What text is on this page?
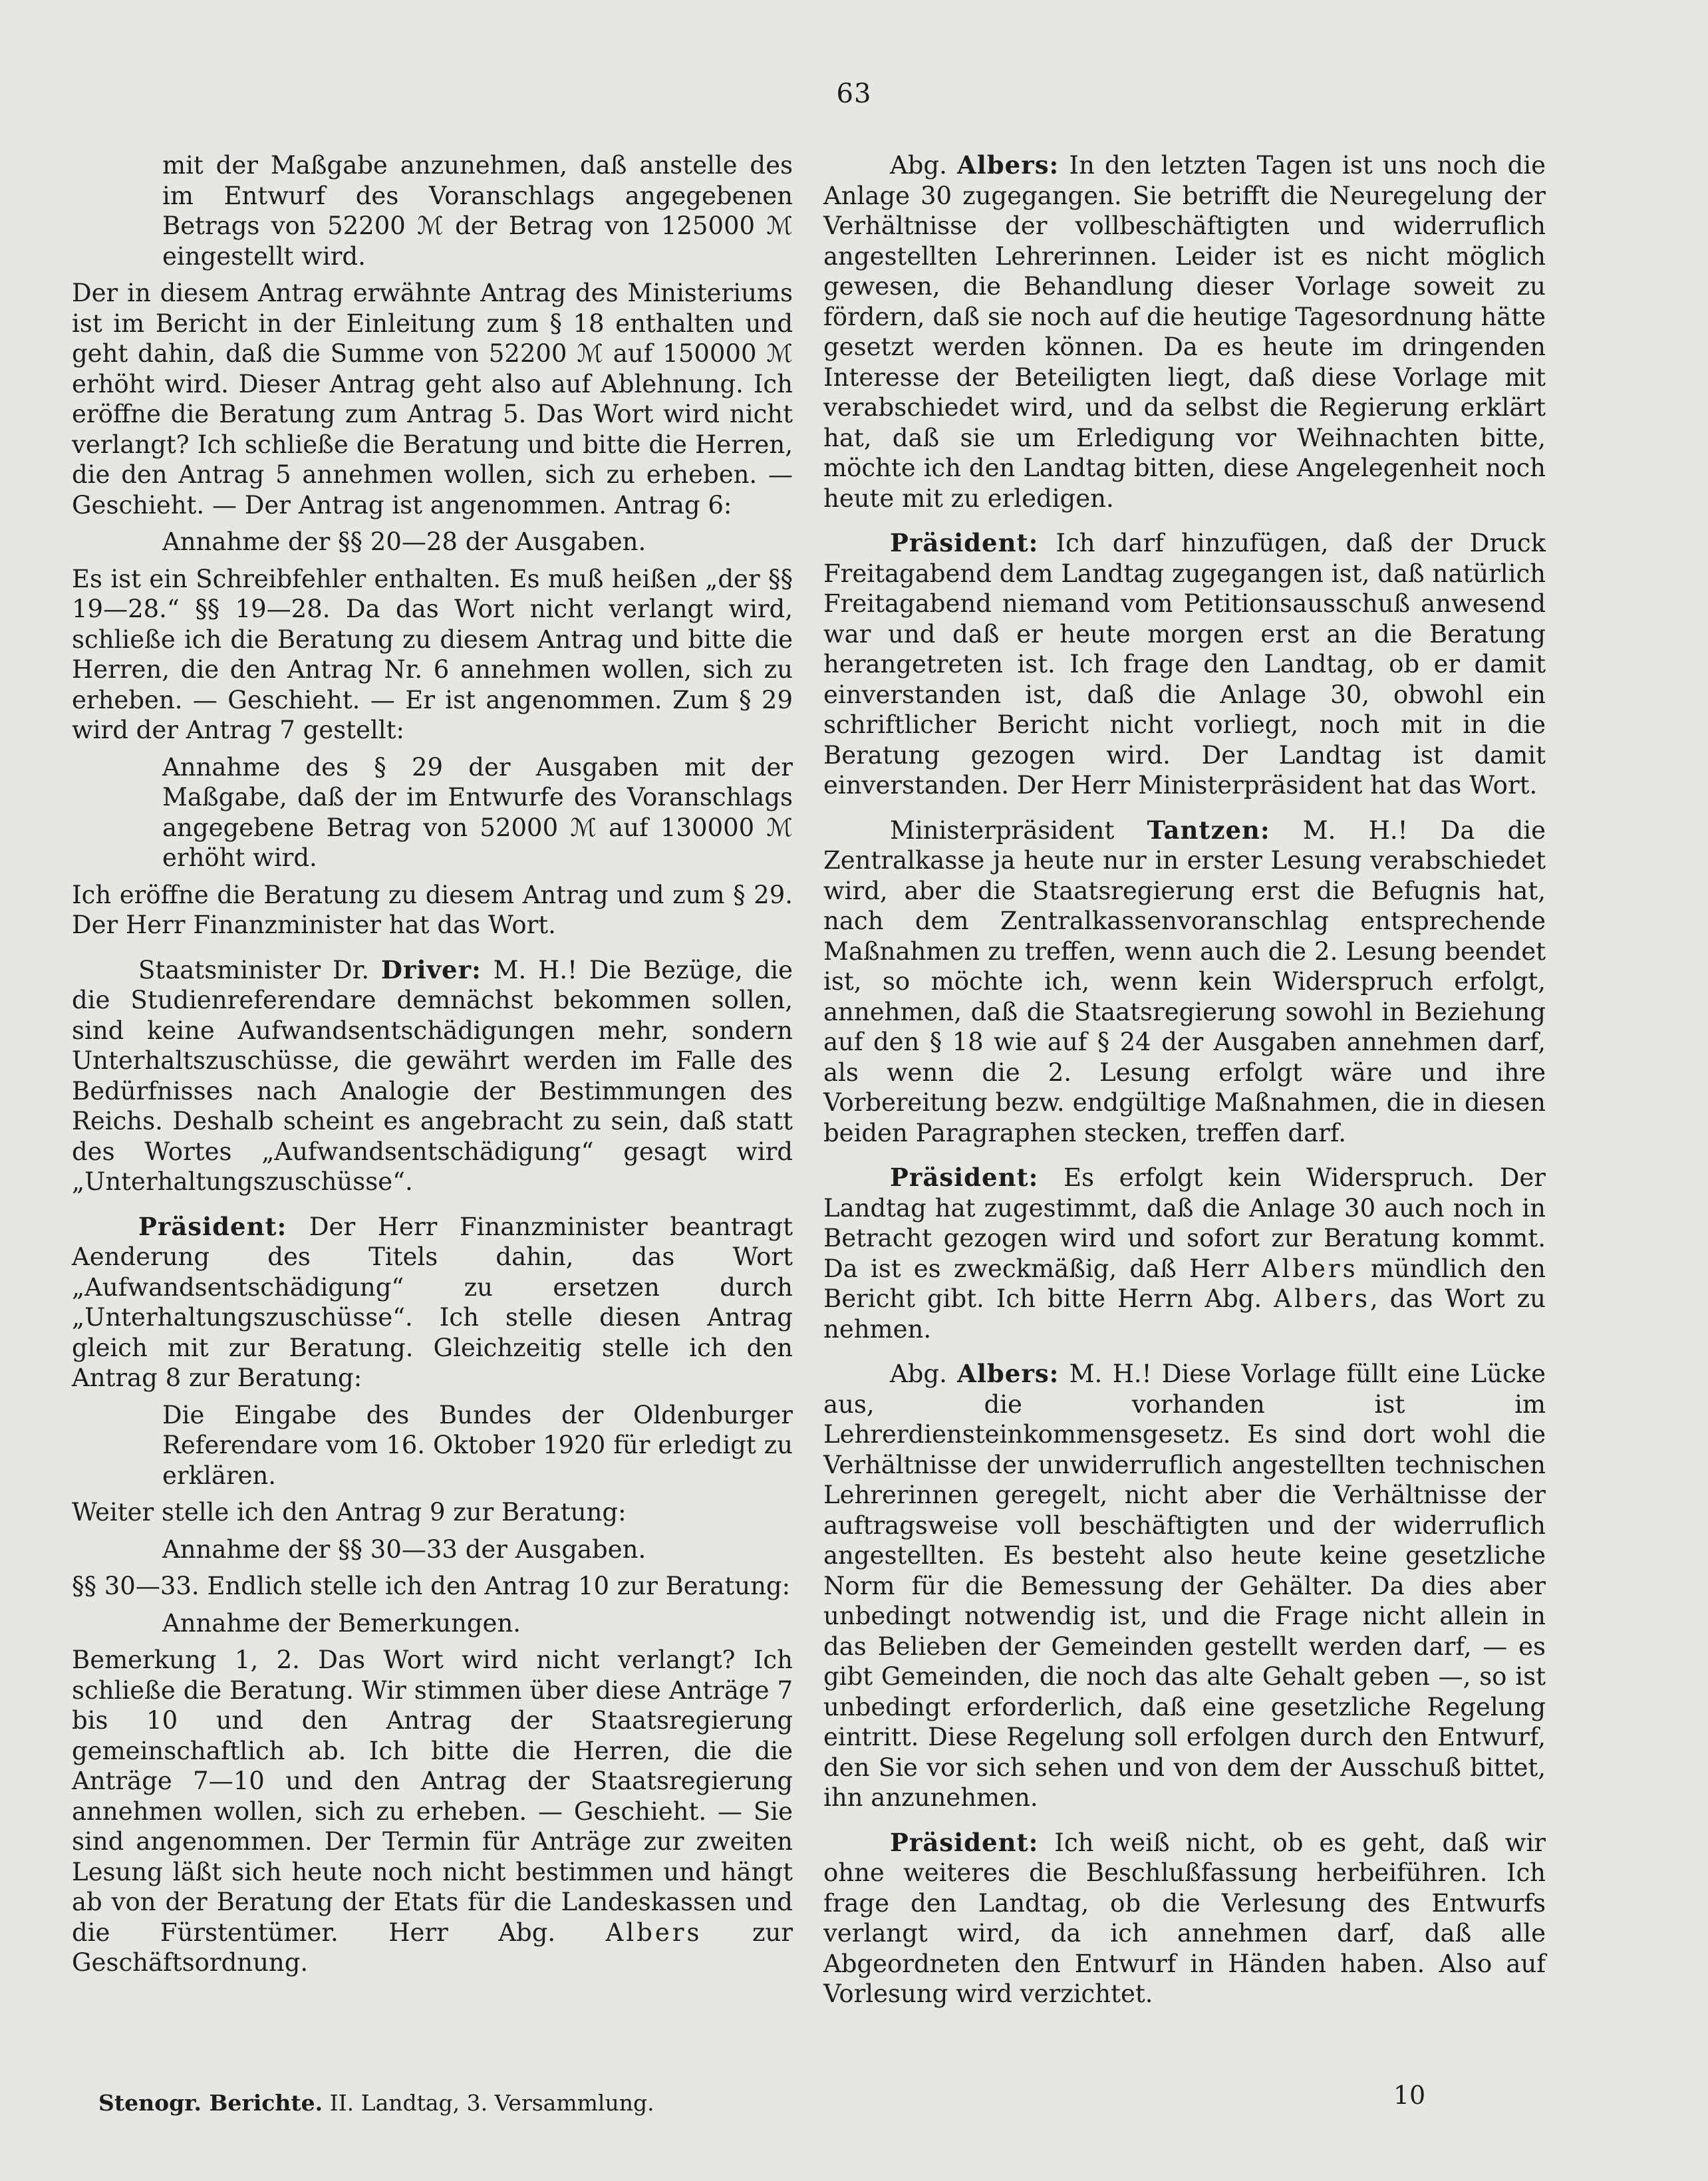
63

mit der Maßgabe anzunehmen, daß anstelle des im Entwurf des Voranschlags angegebenen Betrags von 52200 ℳ der Betrag von 125000 ℳ eingestellt wird.

Der in diesem Antrag erwähnte Antrag des Ministeriums ist im Bericht in der Einleitung zum § 18 enthalten und geht dahin, daß die Summe von 52200 ℳ auf 150000 ℳ erhöht wird. Dieser Antrag geht also auf Ablehnung. Ich eröffne die Beratung zum Antrag 5. Das Wort wird nicht verlangt? Ich schließe die Beratung und bitte die Herren, die den Antrag 5 annehmen wollen, sich zu erheben. — Geschieht. — Der Antrag ist angenommen. Antrag 6:

Annahme der §§ 20—28 der Ausgaben.

Es ist ein Schreibfehler enthalten. Es muß heißen „der §§ 19—28.“ §§ 19—28. Da das Wort nicht verlangt wird, schließe ich die Beratung zu diesem Antrag und bitte die Herren, die den Antrag Nr. 6 annehmen wollen, sich zu erheben. — Geschieht. — Er ist angenommen. Zum § 29 wird der Antrag 7 gestellt:

Annahme des § 29 der Ausgaben mit der Maßgabe, daß der im Entwurfe des Voranschlags angegebene Betrag von 52000 ℳ auf 130000 ℳ erhöht wird.

Ich eröffne die Beratung zu diesem Antrag und zum § 29. Der Herr Finanzminister hat das Wort.

Staatsminister Dr. Driver: M. H.! Die Bezüge, die die Studienreferendare demnächst bekommen sollen, sind keine Aufwandsentschädigungen mehr, sondern Unterhaltszuschüsse, die gewährt werden im Falle des Bedürfnisses nach Analogie der Bestimmungen des Reichs. Deshalb scheint es angebracht zu sein, daß statt des Wortes „Aufwandsentschädigung“ gesagt wird „Unterhaltungszuschüsse“.

Präsident: Der Herr Finanzminister beantragt Aenderung des Titels dahin, das Wort „Aufwandsentschädigung“ zu ersetzen durch „Unterhaltungszuschüsse“. Ich stelle diesen Antrag gleich mit zur Beratung. Gleichzeitig stelle ich den Antrag 8 zur Beratung:

Die Eingabe des Bundes der Oldenburger Referendare vom 16. Oktober 1920 für erledigt zu erklären.

Weiter stelle ich den Antrag 9 zur Beratung:

Annahme der §§ 30—33 der Ausgaben.

§§ 30—33. Endlich stelle ich den Antrag 10 zur Beratung:

Annahme der Bemerkungen.

Bemerkung 1, 2. Das Wort wird nicht verlangt? Ich schließe die Beratung. Wir stimmen über diese Anträge 7 bis 10 und den Antrag der Staatsregierung gemeinschaftlich ab. Ich bitte die Herren, die die Anträge 7—10 und den Antrag der Staatsregierung annehmen wollen, sich zu erheben. — Geschieht. — Sie sind angenommen. Der Termin für Anträge zur zweiten Lesung läßt sich heute noch nicht bestimmen und hängt ab von der Beratung der Etats für die Landeskassen und die Fürstentümer. Herr Abg. Albers zur Geschäftsordnung.

Abg. Albers: In den letzten Tagen ist uns noch die Anlage 30 zugegangen. Sie betrifft die Neuregelung der Verhältnisse der vollbeschäftigten und widerruflich angestellten Lehrerinnen. Leider ist es nicht möglich gewesen, die Behandlung dieser Vorlage soweit zu fördern, daß sie noch auf die heutige Tagesordnung hätte gesetzt werden können. Da es heute im dringenden Interesse der Beteiligten liegt, daß diese Vorlage mit verabschiedet wird, und da selbst die Regierung erklärt hat, daß sie um Erledigung vor Weihnachten bitte, möchte ich den Landtag bitten, diese Angelegenheit noch heute mit zu erledigen.

Präsident: Ich darf hinzufügen, daß der Druck Freitagabend dem Landtag zugegangen ist, daß natürlich Freitagabend niemand vom Petitionsausschuß anwesend war und daß er heute morgen erst an die Beratung herangetreten ist. Ich frage den Landtag, ob er damit einverstanden ist, daß die Anlage 30, obwohl ein schriftlicher Bericht nicht vorliegt, noch mit in die Beratung gezogen wird. Der Landtag ist damit einverstanden. Der Herr Ministerpräsident hat das Wort.

Ministerpräsident Tantzen: M. H.! Da die Zentralkasse ja heute nur in erster Lesung verabschiedet wird, aber die Staatsregierung erst die Befugnis hat, nach dem Zentralkassenvoranschlag entsprechende Maßnahmen zu treffen, wenn auch die 2. Lesung beendet ist, so möchte ich, wenn kein Widerspruch erfolgt, annehmen, daß die Staatsregierung sowohl in Beziehung auf den § 18 wie auf § 24 der Ausgaben annehmen darf, als wenn die 2. Lesung erfolgt wäre und ihre Vorbereitung bezw. endgültige Maßnahmen, die in diesen beiden Paragraphen stecken, treffen darf.

Präsident: Es erfolgt kein Widerspruch. Der Landtag hat zugestimmt, daß die Anlage 30 auch noch in Betracht gezogen wird und sofort zur Beratung kommt. Da ist es zweckmäßig, daß Herr Albers mündlich den Bericht gibt. Ich bitte Herrn Abg. Albers, das Wort zu nehmen.

Abg. Albers: M. H.! Diese Vorlage füllt eine Lücke aus, die vorhanden ist im Lehrerdiensteinkommensgesetz. Es sind dort wohl die Verhältnisse der unwiderruflich angestellten technischen Lehrerinnen geregelt, nicht aber die Verhältnisse der auftragsweise voll beschäftigten und der widerruflich angestellten. Es besteht also heute keine gesetzliche Norm für die Bemessung der Gehälter. Da dies aber unbedingt notwendig ist, und die Frage nicht allein in das Belieben der Gemeinden gestellt werden darf, — es gibt Gemeinden, die noch das alte Gehalt geben —, so ist unbedingt erforderlich, daß eine gesetzliche Regelung eintritt. Diese Regelung soll erfolgen durch den Entwurf, den Sie vor sich sehen und von dem der Ausschuß bittet, ihn anzunehmen.

Präsident: Ich weiß nicht, ob es geht, daß wir ohne weiteres die Beschlußfassung herbeiführen. Ich frage den Landtag, ob die Verlesung des Entwurfs verlangt wird, da ich annehmen darf, daß alle Abgeordneten den Entwurf in Händen haben. Also auf Vorlesung wird verzichtet.

Stenogr. Berichte. II. Landtag, 3. Versammlung.	10
